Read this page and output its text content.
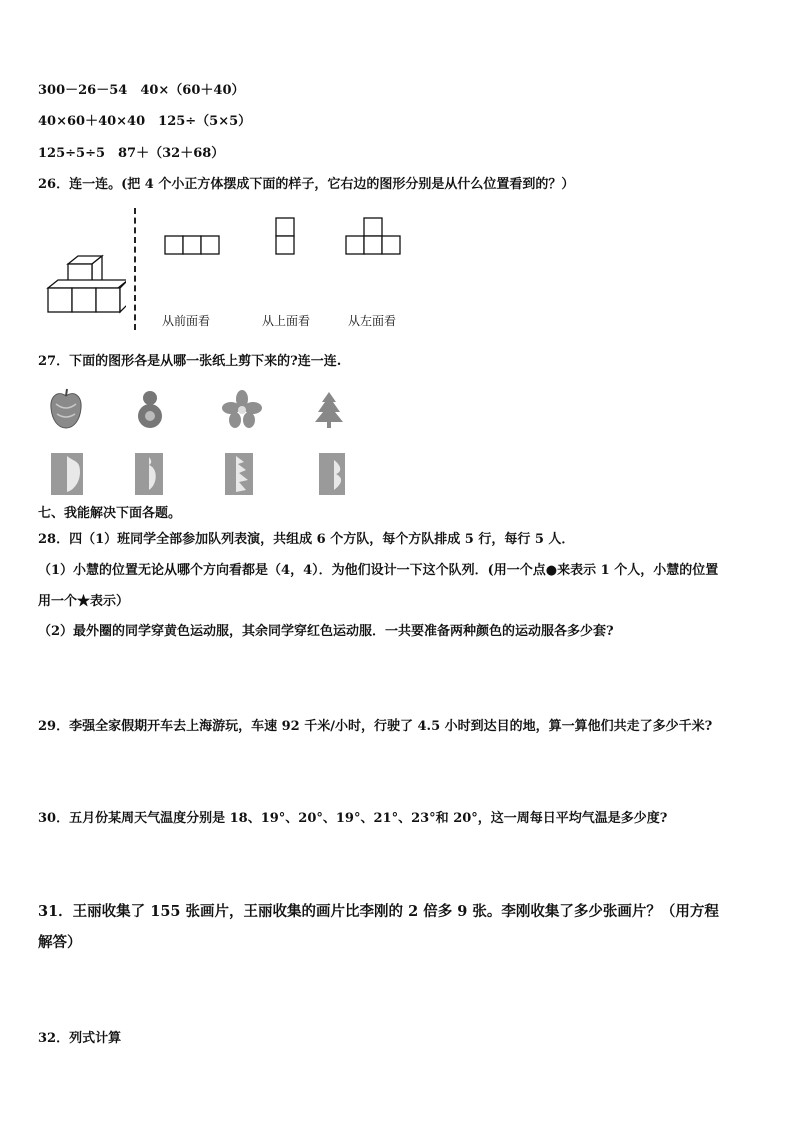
300－26－54　40×（60＋40）
40×60＋40×40　125÷（5×5）
125÷5÷5　87＋（32＋68）
26．连一连。(把 4 个小正方体摆成下面的样子，它右边的图形分别是从什么位置看到的？）
从前面看	从上面看	从左面看
27．下面的图形各是从哪一张纸上剪下来的?连一连.
七、我能解决下面各题。
28．四（1）班同学全部参加队列表演，共组成 6 个方队，每个方队排成 5 行，每行 5 人．
（1）小慧的位置无论从哪个方向看都是（4，4）．为他们设计一下这个队列．(用一个点●来表示 1 个人，小慧的位置
用一个★表示）
（2）最外圈的同学穿黄色运动服，其余同学穿红色运动服．一共要准备两种颜色的运动服各多少套?
29．李强全家假期开车去上海游玩，车速 92 千米/小时，行驶了 4.5 小时到达目的地，算一算他们共走了多少千米?
30．五月份某周天气温度分别是 18、19°、20°、19°、21°、23°和 20°，这一周每日平均气温是多少度?
31．王丽收集了 155 张画片，王丽收集的画片比李刚的 2 倍多 9 张。李刚收集了多少张画片？（用方程
解答）
32．列式计算
